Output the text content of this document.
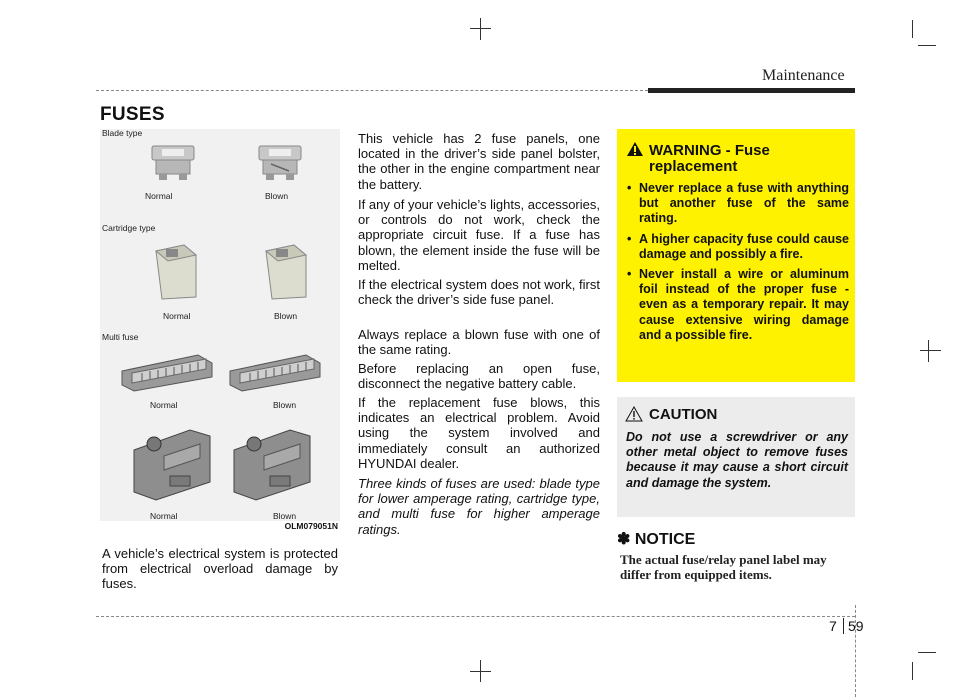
Maintenance
FUSES
Blade type
Normal	Blown
Cartridge type
Normal	Blown
Multi fuse
Normal	Blown
Normal	Blown
OLM079051N
A vehicle’s electrical system is protected from electrical overload damage by fuses.
This vehicle has 2 fuse panels, one located in the driver’s side panel bolster, the other in the engine compartment near the battery.
If any of your vehicle’s lights, accessories, or controls do not work, check the appropriate circuit fuse. If a fuse has blown, the element inside the fuse will be melted.
If the electrical system does not work, first check the driver’s side fuse panel.
Always replace a blown fuse with one of the same rating.
Before replacing an open fuse, disconnect the negative battery cable.
If the replacement fuse blows, this indicates an electrical problem. Avoid using the system involved and immediately consult an authorized HYUNDAI dealer.
Three kinds of fuses are used: blade type for lower amperage rating, cartridge type, and multi fuse for higher amperage ratings.
WARNING - Fuse replacement
• Never replace a fuse with anything but another fuse of the same rating.
• A higher capacity fuse could cause damage and possibly a fire.
• Never install a wire or aluminum foil instead of the proper fuse - even as a temporary repair. It may cause extensive wiring damage and a possible fire.
CAUTION
Do not use a screwdriver or any other metal object to remove fuses because it may cause a short circuit and damage the system.
✽ NOTICE
The actual fuse/relay panel label may differ from equipped items.
7 59
